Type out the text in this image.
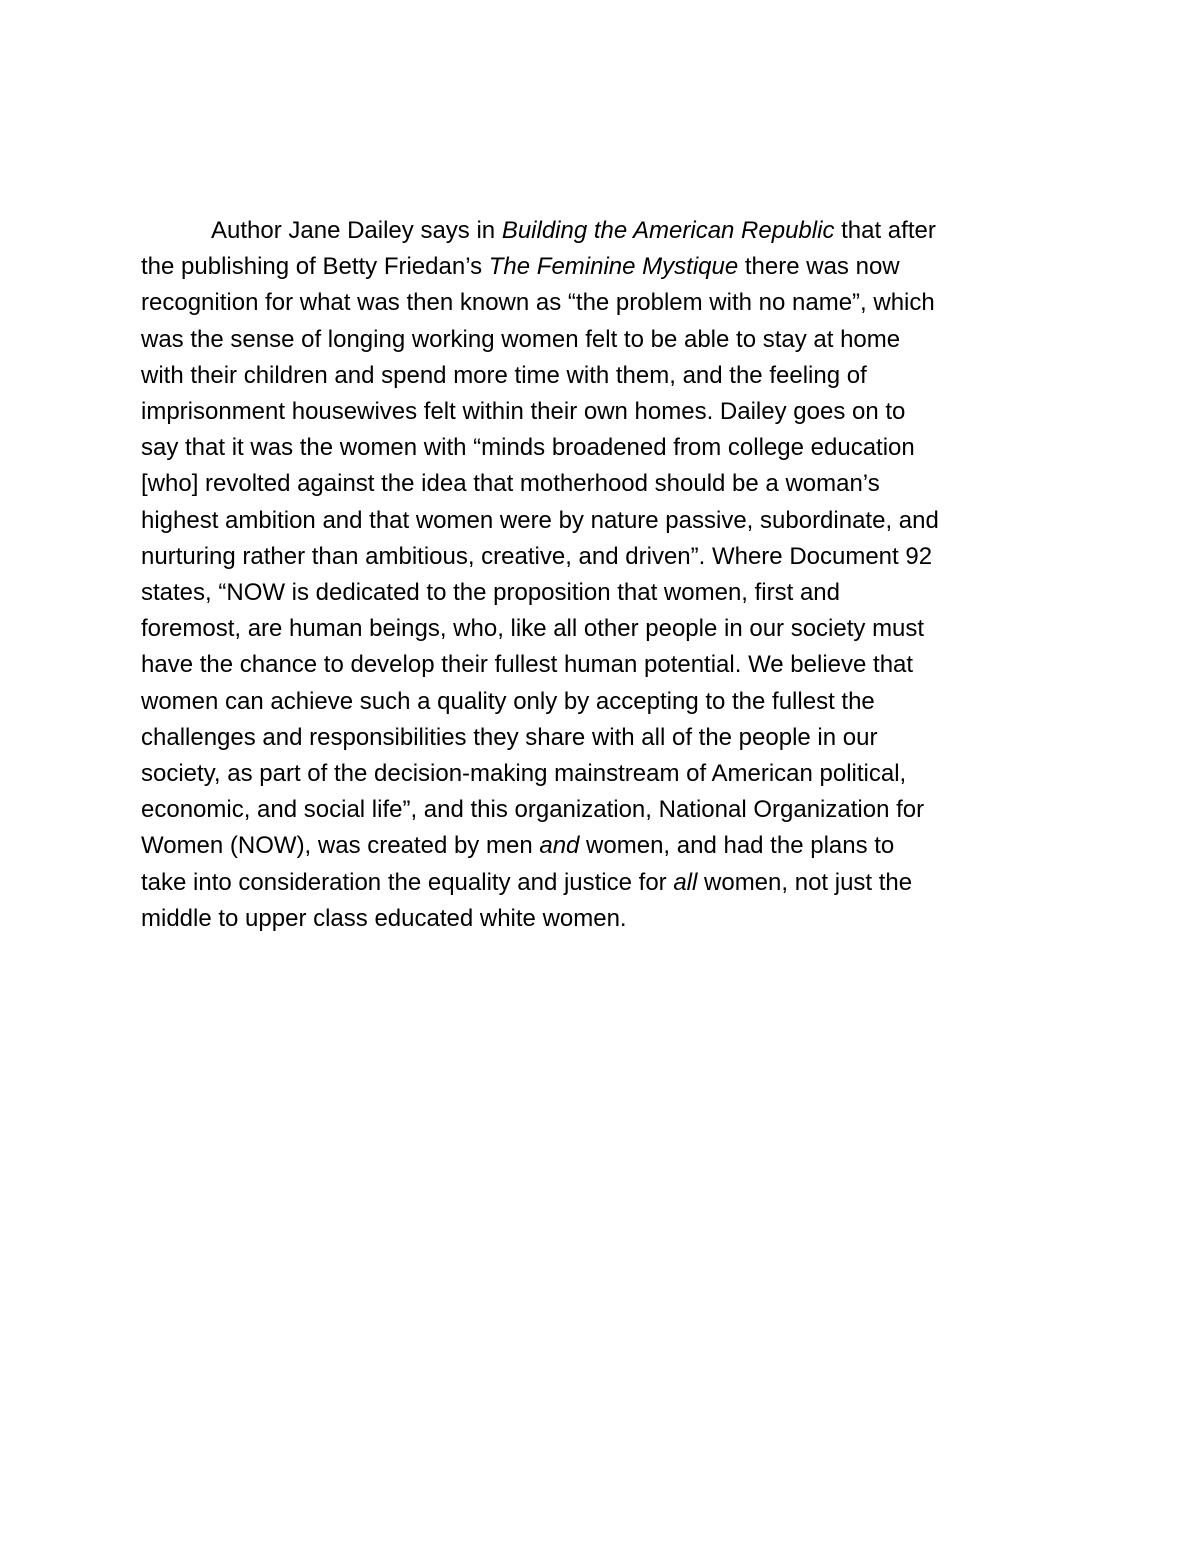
Author Jane Dailey says in Building the American Republic that after
the publishing of Betty Friedan’s The Feminine Mystique there was now
recognition for what was then known as “the problem with no name”, which
was the sense of longing working women felt to be able to stay at home
with their children and spend more time with them, and the feeling of
imprisonment housewives felt within their own homes. Dailey goes on to
say that it was the women with “minds broadened from college education
[who] revolted against the idea that motherhood should be a woman’s
highest ambition and that women were by nature passive, subordinate, and
nurturing rather than ambitious, creative, and driven”. Where Document 92
states, “NOW is dedicated to the proposition that women, first and
foremost, are human beings, who, like all other people in our society must
have the chance to develop their fullest human potential. We believe that
women can achieve such a quality only by accepting to the fullest the
challenges and responsibilities they share with all of the people in our
society, as part of the decision-making mainstream of American political,
economic, and social life”, and this organization, National Organization for
Women (NOW), was created by men and women, and had the plans to
take into consideration the equality and justice for all women, not just the
middle to upper class educated white women.
